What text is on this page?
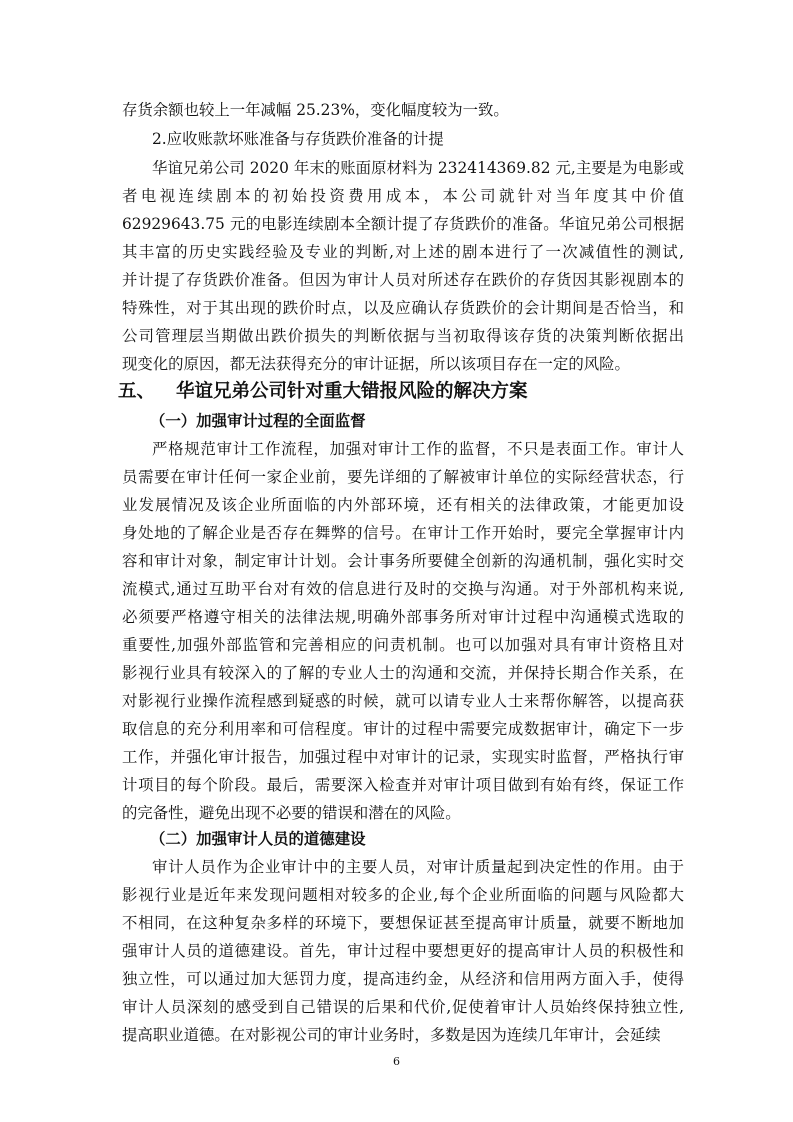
存货余额也较上一年减幅 25.23%，变化幅度较为一致。
2.应收账款坏账准备与存货跌价准备的计提
华谊兄弟公司 2020 年末的账面原材料为 232414369.82 元,主要是为电影或
者电视连续剧本的初始投资费用成本，本公司就针对当年度其中价值
62929643.75 元的电影连续剧本全额计提了存货跌价的准备。华谊兄弟公司根据
其丰富的历史实践经验及专业的判断,对上述的剧本进行了一次减值性的测试,
并计提了存货跌价准备。但因为审计人员对所述存在跌价的存货因其影视剧本的
特殊性，对于其出现的跌价时点，以及应确认存货跌价的会计期间是否恰当，和
公司管理层当期做出跌价损失的判断依据与当初取得该存货的决策判断依据出
现变化的原因，都无法获得充分的审计证据，所以该项目存在一定的风险。
五、 华谊兄弟公司针对重大错报风险的解决方案
（一）加强审计过程的全面监督
严格规范审计工作流程，加强对审计工作的监督，不只是表面工作。审计人
员需要在审计任何一家企业前，要先详细的了解被审计单位的实际经营状态，行
业发展情况及该企业所面临的内外部环境，还有相关的法律政策，才能更加设
身处地的了解企业是否存在舞弊的信号。在审计工作开始时，要完全掌握审计内
容和审计对象，制定审计计划。会计事务所要健全创新的沟通机制，强化实时交
流模式,通过互助平台对有效的信息进行及时的交换与沟通。对于外部机构来说,
必须要严格遵守相关的法律法规,明确外部事务所对审计过程中沟通模式选取的
重要性,加强外部监管和完善相应的问责机制。也可以加强对具有审计资格且对
影视行业具有较深入的了解的专业人士的沟通和交流，并保持长期合作关系，在
对影视行业操作流程感到疑惑的时候，就可以请专业人士来帮你解答，以提高获
取信息的充分利用率和可信程度。审计的过程中需要完成数据审计，确定下一步
工作，并强化审计报告，加强过程中对审计的记录，实现实时监督，严格执行审
计项目的每个阶段。最后，需要深入检查并对审计项目做到有始有终，保证工作
的完备性，避免出现不必要的错误和潜在的风险。
（二）加强审计人员的道德建设
审计人员作为企业审计中的主要人员，对审计质量起到决定性的作用。由于
影视行业是近年来发现问题相对较多的企业,每个企业所面临的问题与风险都大
不相同，在这种复杂多样的环境下，要想保证甚至提高审计质量，就要不断地加
强审计人员的道德建设。首先，审计过程中要想更好的提高审计人员的积极性和
独立性，可以通过加大惩罚力度，提高违约金，从经济和信用两方面入手，使得
审计人员深刻的感受到自己错误的后果和代价,促使着审计人员始终保持独立性,
6
提高职业道德。在对影视公司的审计业务时，多数是因为连续几年审计，会延续
